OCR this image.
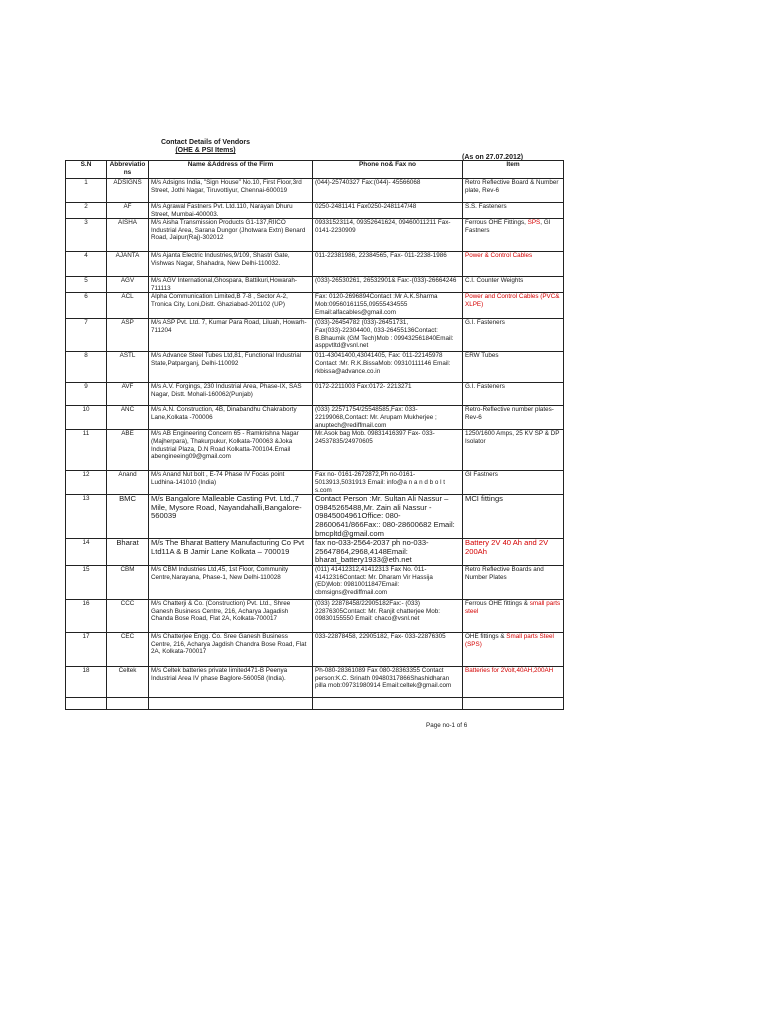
Contact Details of Vendors
(OHE & PSI Items)
(As on 27.07.2012)
S.N	Abbreviatio ns	Name &Address of the Firm	Phone no& Fax no	Item
1	ADSIGNS	M/s Adsigns India, "Sign House" No.10, First Floor,3rd Street, Jothi Nagar, Tiruvottiyur, Chennai-600019	(044)-25740327 Fax:(044)- 45566068	Retro Reflective Board & Number plate, Rev-6
2	AF	M/s Agrawal Fastners Pvt. Ltd.110, Narayan Dhuru Street, Mumbai-400003.	0250-2481141 Fax0250-2481147/48	S.S. Fasteners
3	AISHA	M/s Aisha Transmission Products G1-137,RIICO Industrial Area, Sarana Dungor (Jhotwara Extn) Benard Road, Jaipur(Raj)-302012	09331523114, 09352641624, 09460011211 Fax- 0141-2230909	Ferrous OHE Fittings, SPS, GI Fastners
4	AJANTA	M/s Ajanta Electric Industries,9/109, Shastri Gate, Vishwas Nagar, Shahadra, New Delhi-110032.	011-22381986, 22384565, Fax- 011-2238-1986	Power & Control Cables
5	AGV	M/s AGV International,Ghospara, Battikuri,Howarah-711113	(033)-26530261, 26532901& Fax:-(033)-26664246	C.I. Counter Weights
6	ACL	Alpha Communication Limited,B 7-8 , Sector A-2, Tronica City, Loni,Distt. Ghaziabad-201102 (UP)	Fax: 0120-2696894Contact :Mr A.K.Sharma Mob:09560161155,09555434555 Email:alfacables@gmail.com	Power and Control Cables (PVC& XLPE)
7	ASP	M/s ASP Pvt. Ltd. 7, Kumar Para Road, Liluah, Howarh-711204	(033)-26454782 (033)-26451731, Fax(033)-22304400, 033-26455136Contact: B.Bhaumik (GM Tech)Mob : 099432561840Email: asppvtltd@vsnl.net	G.I. Fasteners
8	ASTL	M/s Advance Steel Tubes Ltd,81, Functional Industrial State,Patparganj, Delhi-110092	011-43041400,43041405, Fax: 011-22145978 Contact :Mr. R.K.BissaMob: 09310111146 Email: rkbissa@advance.co.in	ERW Tubes
9	AVF	M/s A.V. Forgings, 230 Industrial Area, Phase-IX, SAS Nagar, Distt. Mohali-160062(Punjab)	0172-2211003 Fax:0172- 2213271	G.I. Fasteners
10	ANC	M/s A.N. Construction, 4B, Dinabandhu Chakraborty Lane,Kolkata -700006	(033) 22571754/25548585,Fax: 033-22199068,Contact: Mr. Arupam Mukherjee ; anuptech@rediffmail.com	Retro-Reflective number plates-Rev-6
11	ABE	M/s AB Engineering Concern 65 - Ramkrishna Nagar (Majherpara), Thakurpukur, Kolkata-700063 &Joka Industrial Plaza, D.N Road Kolkatta-700104.Email abengineeing09@gmail.com	Mr.Asok bag Mob. 09831416397 Fax- 033-24537835/24970605	1250/1600 Amps, 25 KV SP & DP Isolator
12	Anand	M/s Anand Nut bolt , E-74 Phase IV Focas point Ludhina-141010 (India)	Fax no- 0161-2672872,Ph no-0161-5013913,5031913 Email: info@a n a n d b o l t s.com	GI Fastners
13	BMC	M/s Bangalore Malleable Casting Pvt. Ltd.,7 Mile, Mysore Road, Nayandahalli,Bangalore-560039	Contact Person :Mr. Sultan Ali Nassur – 09845265488,Mr. Zain ali Nassur - 09845004961Office: 080-28600641/866Fax:: 080-28600682 Email: bmcpltd@gmail.com	MCI fittings
14	Bharat	M/s The Bharat Battery Manufacturing Co Pvt Ltd11A & B Jamir Lane Kolkata – 700019	fax no-033-2564-2037 ph no-033-25647864,2968,4148Email: bharat_battery1933@eth.net	Battery 2V 40 Ah and 2V 200Ah
15	CBM	M/s CBM Industries Ltd,45, 1st Floor, Community Centre,Narayana, Phase-1, New Delhi-110028	(011) 41412312,41412313 Fax No. 011-41412316Contact: Mr. Dharam Vir Hassija (ED)Mob: 09810011847Email: cbmsigns@rediffmail.com	Retro Reflective Boards and Number Plates
16	CCC	M/s Chatterji & Co. (Construction) Pvt. Ltd., Shree Ganesh Business Centre, 216, Acharya Jagadish Chanda Bose Road, Flat 2A, Kolkata-700017	(033) 22878458/22905182Fax:- (033) 22876305Contact: Mr. Ranjit chatterjee Mob: 09830155550 Email: chaco@vsnl.net	Ferrous OHE fittings & small parts steel
17	CEC	M/s Chatterjee Engg. Co. Sree Ganesh Business Centre, 216, Acharya Jagdish Chandra Bose Road, Flat 2A, Kolkata-700017	033-22878458, 22905182, Fax- 033-22876305	OHE fittings & Small parts Steel (SPS)
18	Celtek	M/s Celtek batteries private limited471-B Peenya Industrial Area IV phase Baglore-560058 (India).	Ph-080-28361089 Fax 080-28363355 Contact person:K.C. Srinath 09480317866Shashidharan pilla mob:09731980914 Email:celtek@gmail.com	Batteries for 2Volt,40AH,200AH

Page no-1 of 6
